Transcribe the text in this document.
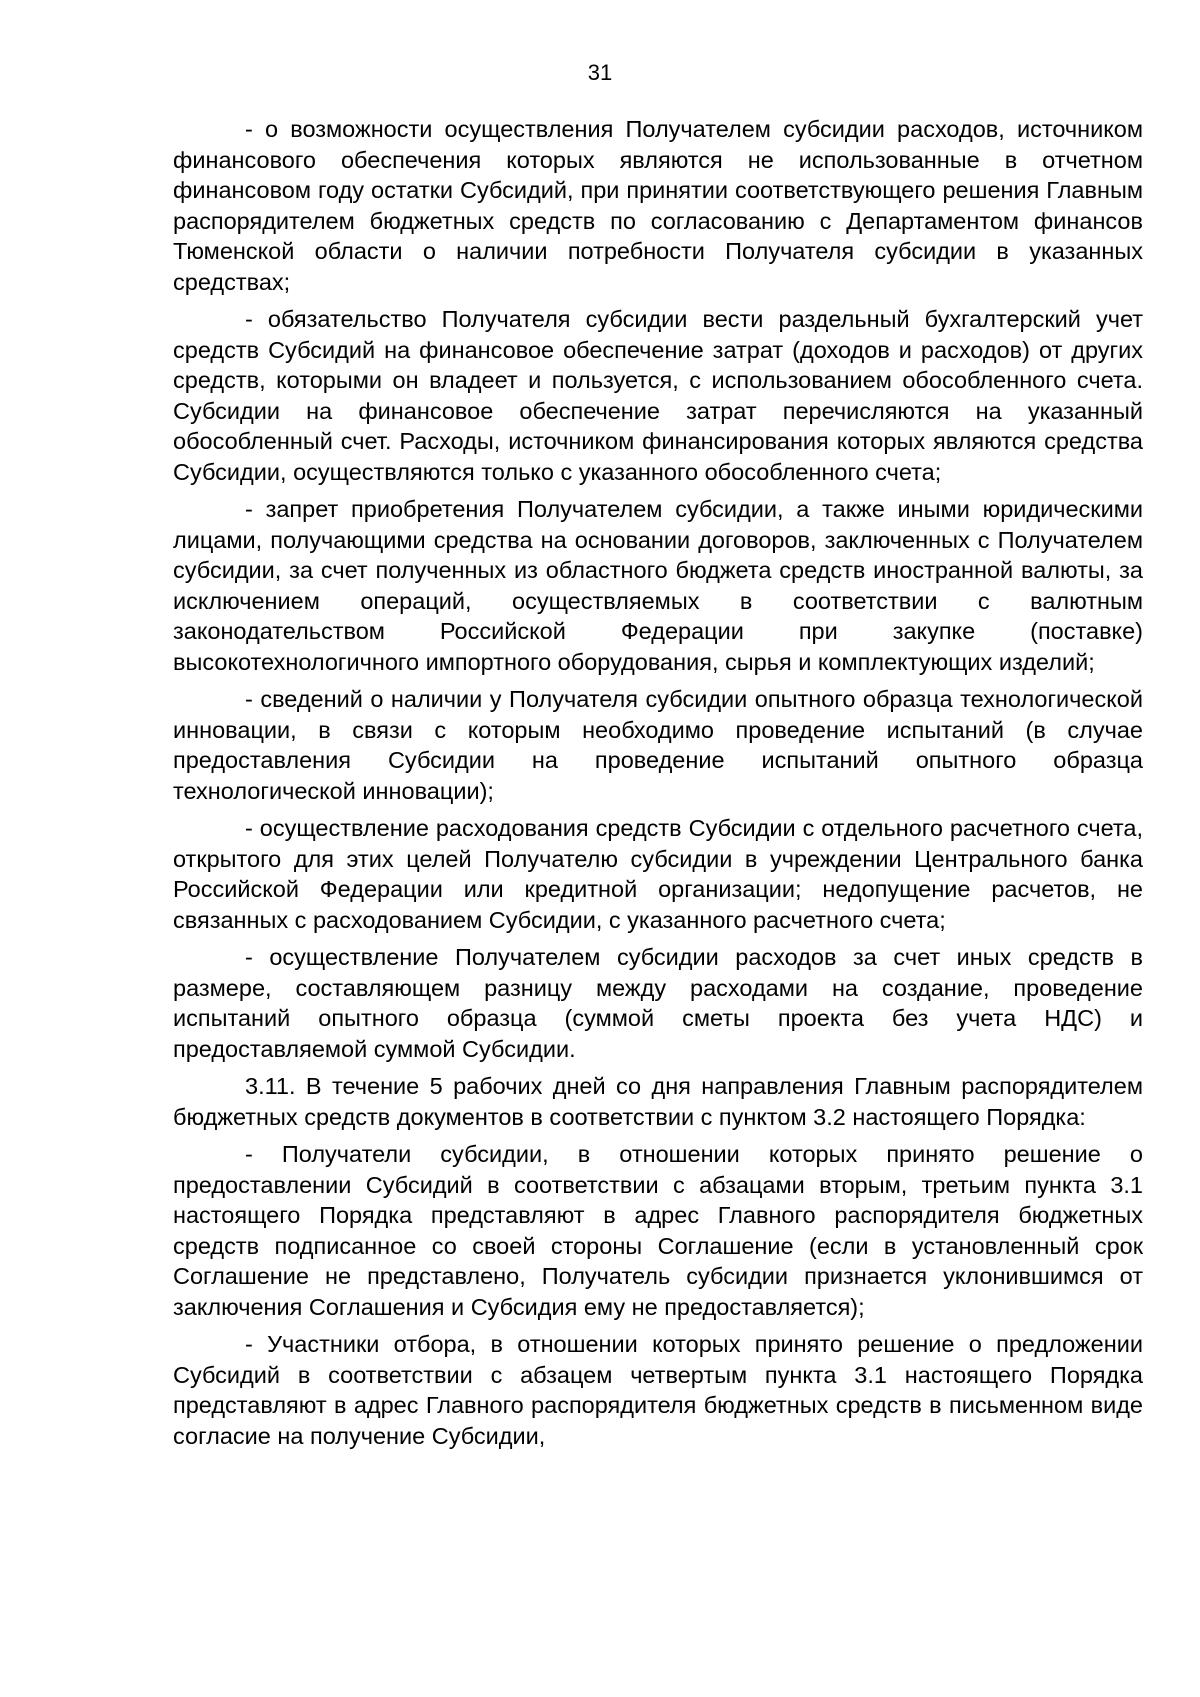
31

- о возможности осуществления Получателем субсидии расходов, источником финансового обеспечения которых являются не использованные в отчетном финансовом году остатки Субсидий, при принятии соответствующего решения Главным распорядителем бюджетных средств по согласованию с Департаментом финансов Тюменской области о наличии потребности Получателя субсидии в указанных средствах;

- обязательство Получателя субсидии вести раздельный бухгалтерский учет средств Субсидий на финансовое обеспечение затрат (доходов и расходов) от других средств, которыми он владеет и пользуется, с использованием обособленного счета. Субсидии на финансовое обеспечение затрат перечисляются на указанный обособленный счет. Расходы, источником финансирования которых являются средства Субсидии, осуществляются только с указанного обособленного счета;

- запрет приобретения Получателем субсидии, а также иными юридическими лицами, получающими средства на основании договоров, заключенных с Получателем субсидии, за счет полученных из областного бюджета средств иностранной валюты, за исключением операций, осуществляемых в соответствии с валютным законодательством Российской Федерации при закупке (поставке) высокотехнологичного импортного оборудования, сырья и комплектующих изделий;

- сведений о наличии у Получателя субсидии опытного образца технологической инновации, в связи с которым необходимо проведение испытаний (в случае предоставления Субсидии на проведение испытаний опытного образца технологической инновации);

- осуществление расходования средств Субсидии с отдельного расчетного счета, открытого для этих целей Получателю субсидии в учреждении Центрального банка Российской Федерации или кредитной организации; недопущение расчетов, не связанных с расходованием Субсидии, с указанного расчетного счета;

- осуществление Получателем субсидии расходов за счет иных средств в размере, составляющем разницу между расходами на создание, проведение испытаний опытного образца (суммой сметы проекта без учета НДС) и предоставляемой суммой Субсидии.

3.11. В течение 5 рабочих дней со дня направления Главным распорядителем бюджетных средств документов в соответствии с пунктом 3.2 настоящего Порядка:

- Получатели субсидии, в отношении которых принято решение о предоставлении Субсидий в соответствии с абзацами вторым, третьим пункта 3.1 настоящего Порядка представляют в адрес Главного распорядителя бюджетных средств подписанное со своей стороны Соглашение (если в установленный срок Соглашение не представлено, Получатель субсидии признается уклонившимся от заключения Соглашения и Субсидия ему не предоставляется);

- Участники отбора, в отношении которых принято решение о предложении Субсидий в соответствии с абзацем четвертым пункта 3.1 настоящего Порядка представляют в адрес Главного распорядителя бюджетных средств в письменном виде согласие на получение Субсидии,
